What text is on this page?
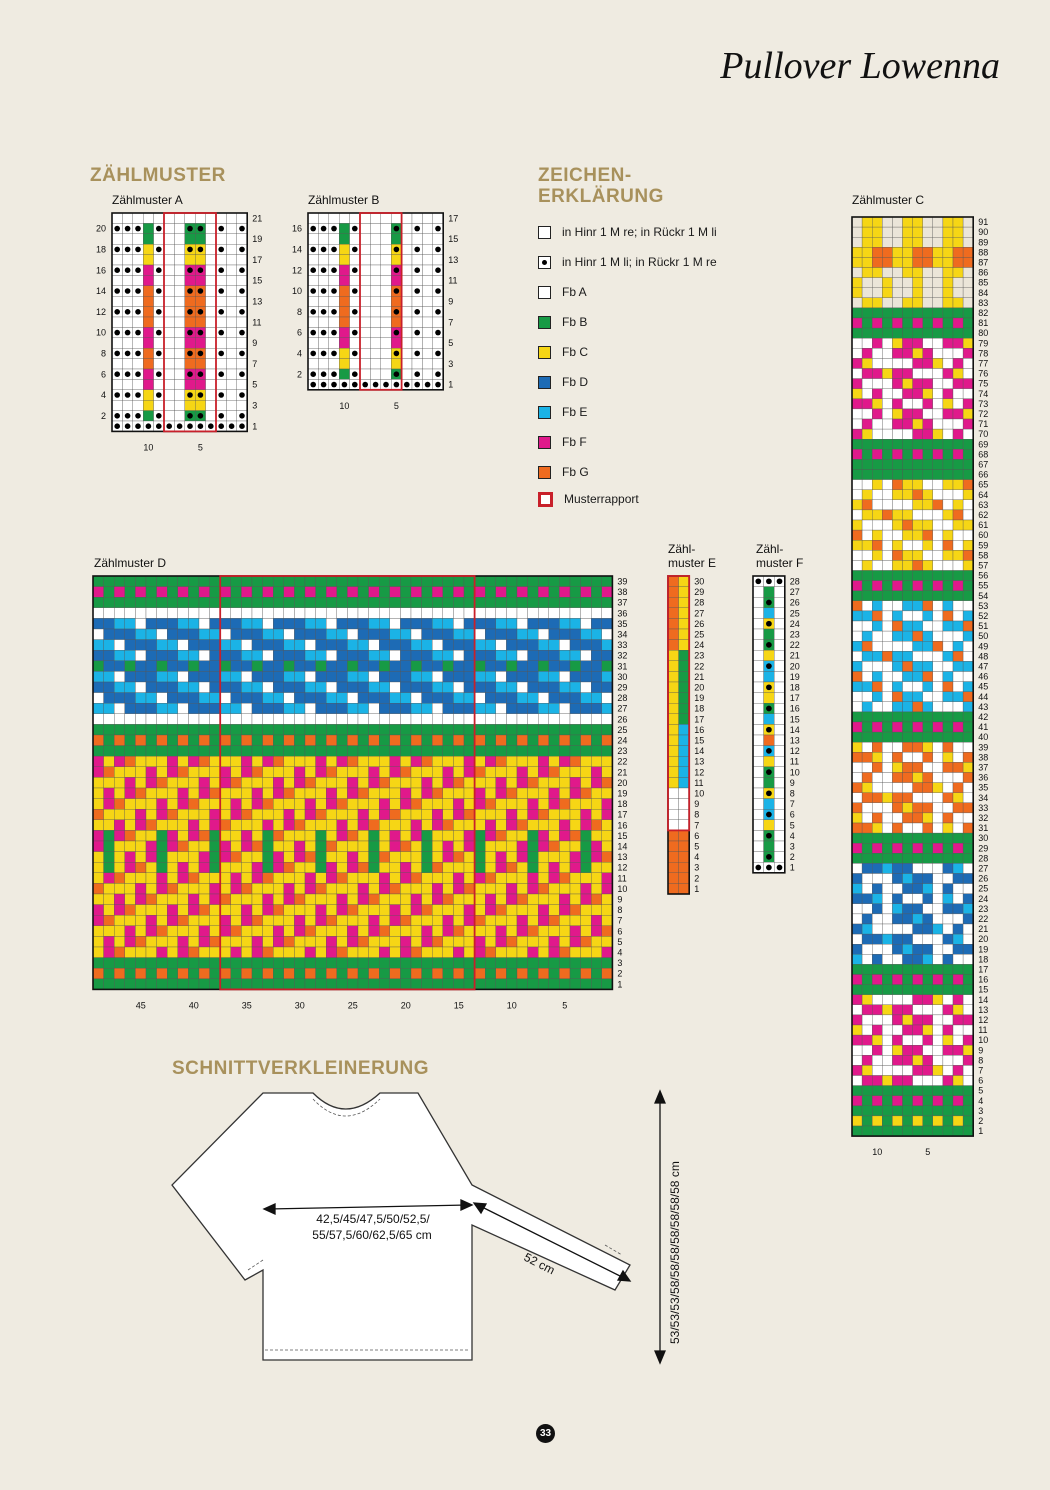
Pullover Lowenna
ZÄHLMUSTER	ZEICHEN-
ERKLÄRUNG
SCHNITTVERKLEINERUNG
Zählmuster A	Zählmuster B	Zählmuster C
Zählmuster D
Zähl-
muster E
Zähl-
muster F
in Hinr 1 M re; in Rückr 1 M li
in Hinr 1 M li; in Rückr 1 M re
Fb A
Fb B
Fb C
Fb D
Fb E
Fb F
Fb G
Musterrapport
1
3
5
7
9
11
13
15
17
19
21
2
4
6
8
10
12
14
16
18
20
10	5
1
3
5
7
9
11
13
15
17
2
4
6
8
10
12
14
16
10	5
1
2
3
4
5
6
7
8
9
10
11
12
13
14
15
16
17
18
19
20
21
22
23
24
25
26
27
28
29
30
31
32
33
34
35
36
37
38
39
40
41
42
43
44
45
46
47
48
49
50
51
52
53
54
55
56
57
58
59
60
61
62
63
64
65
66
67
68
69
70
71
72
73
74
75
76
77
78
79
80
81
82
83
84
85
86
87
88
89
90
91
10	5
1
2
3
4
5
6
7
8
9
10
11
12
13
14
15
16
17
18
19
20
21
22
23
24
25
26
27
28
29
30
31
32
33
34
35
36
37
38
39
45	40	35	30	25	20	15	10	5
1
2
3
4
5
6
7
8
9
10
11
12
13
14
15
16
17
18
19
20
21
22
23
24
25
26
27
28
29
30
1
2
3
4
5
6
7
8
9
10
11
12
13
14
15
16
17
18
19
20
21
22
23
24
25
26
27
28
42,5/45/47,5/50/52,5/
55/57,5/60/62,5/65 cm
52 cm	53/53/53/58/58/58/58/58/58/58 cm
33
